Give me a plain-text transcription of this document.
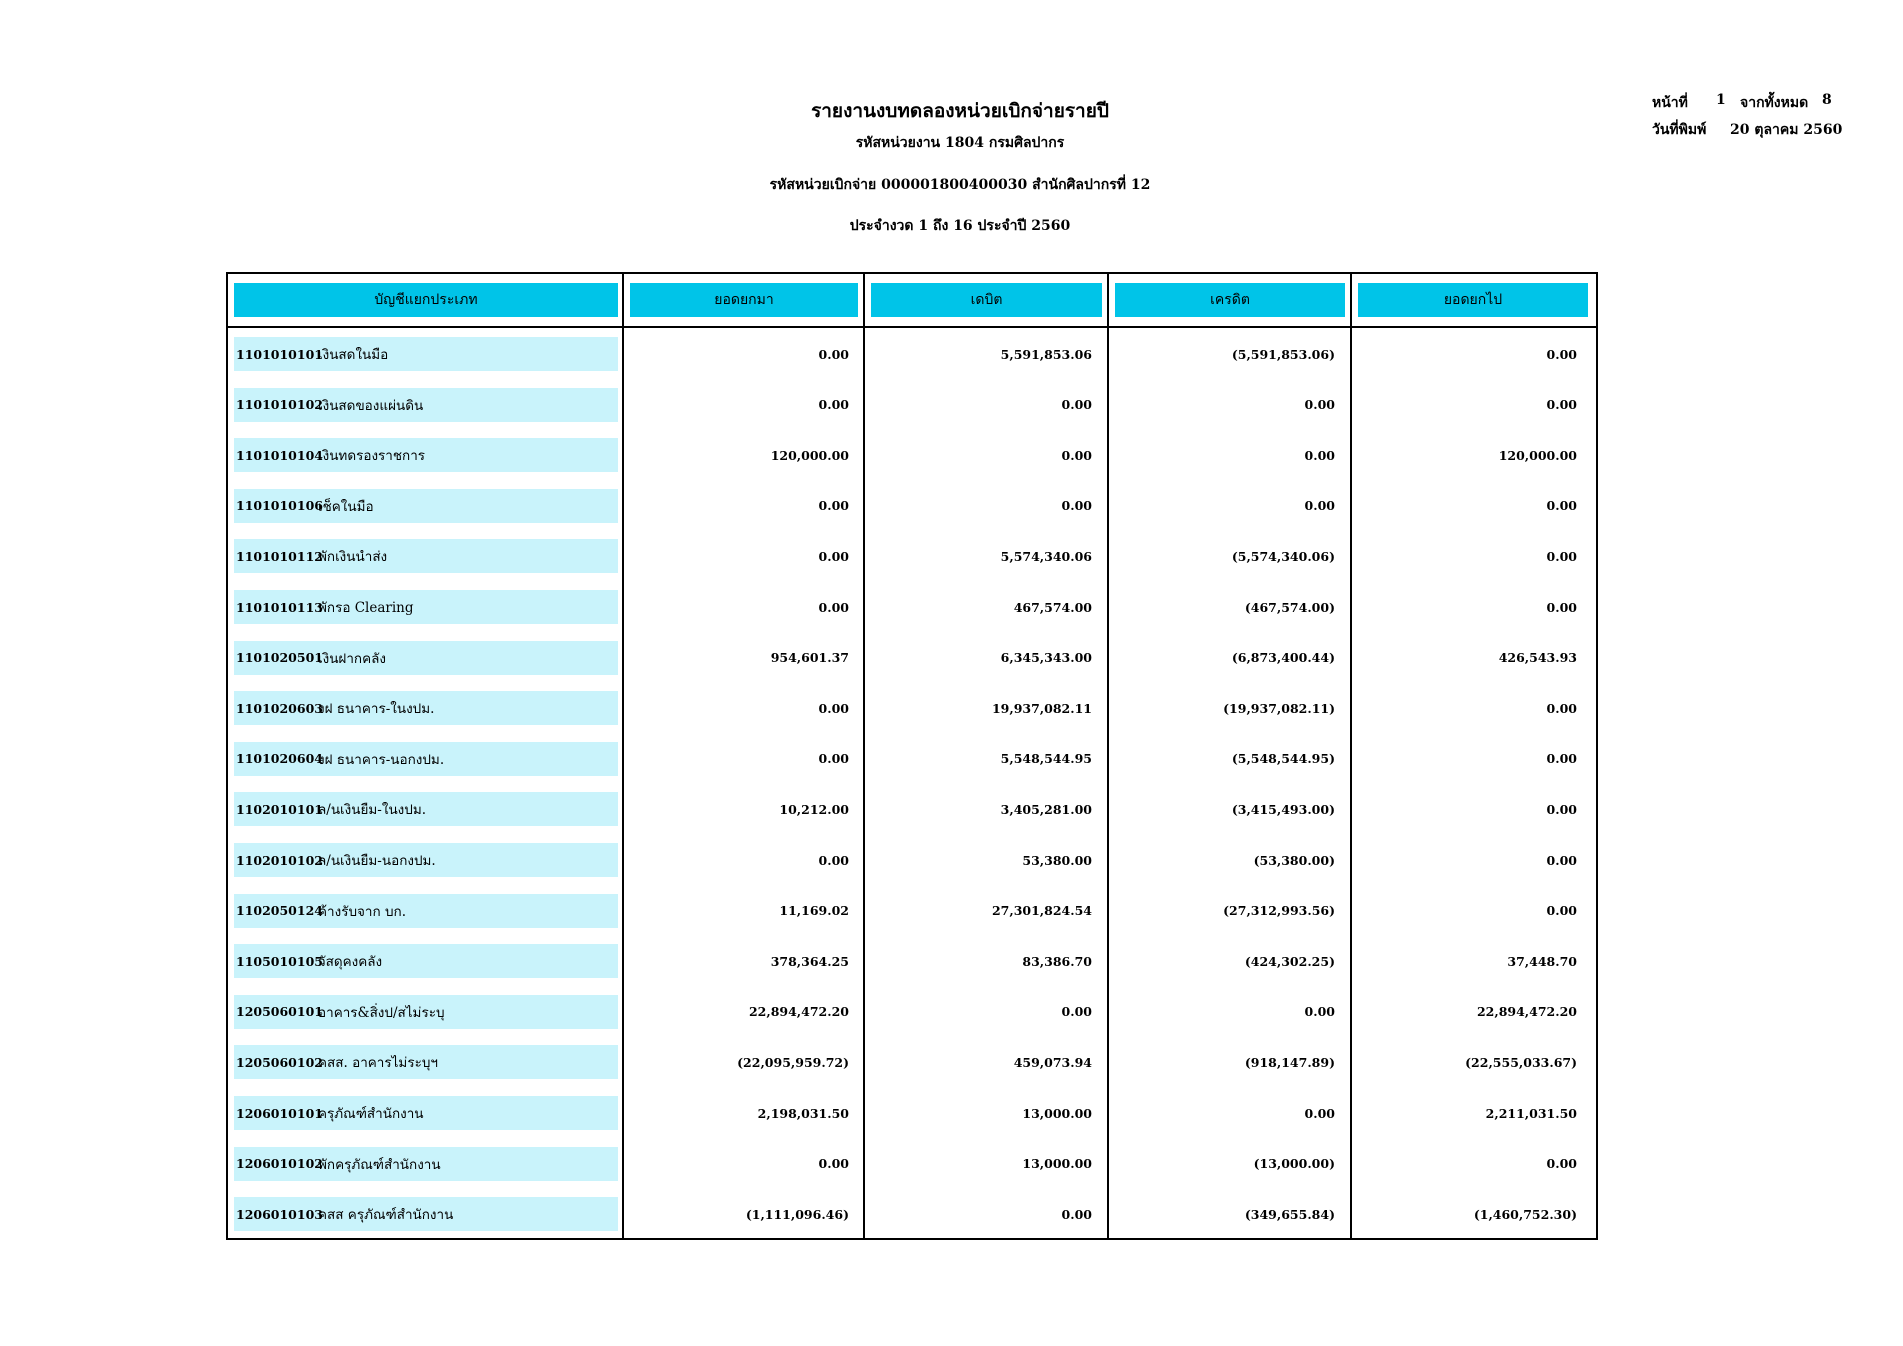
รายงานงบทดลองหน่วยเบิกจ่ายรายปี
รหัสหน่วยงาน 1804 กรมศิลปากร
รหัสหน่วยเบิกจ่าย 000001800400030 สำนักศิลปากรที่ 12
ประจำงวด 1 ถึง 16 ประจำปี 2560
หน้าที่ 1 จากทั้งหมด 8
วันที่พิมพ์ 20 ตุลาคม 2560
บัญชีแยกประเภท	ยอดยกมา	เดบิต	เครดิต	ยอดยกไป
1101010101
เงินสดในมือ	0.00	5,591,853.06	(5,591,853.06)	0.00
1101010102
เงินสดของแผ่นดิน	0.00	0.00	0.00	0.00
1101010104
เงินทดรองราชการ	120,000.00	0.00	0.00	120,000.00
1101010106
เช็คในมือ	0.00	0.00	0.00	0.00
1101010112
พักเงินนำส่ง	0.00	5,574,340.06	(5,574,340.06)	0.00
1101010113
พักรอ Clearing	0.00	467,574.00	(467,574.00)	0.00
1101020501
เงินฝากคลัง	954,601.37	6,345,343.00	(6,873,400.44)	426,543.93
1101020603
งฝ ธนาคาร-ในงปม.	0.00	19,937,082.11	(19,937,082.11)	0.00
1101020604
งฝ ธนาคาร-นอกงปม.	0.00	5,548,544.95	(5,548,544.95)	0.00
1102010101
ล/นเงินยืม-ในงปม.	10,212.00	3,405,281.00	(3,415,493.00)	0.00
1102010102
ล/นเงินยืม-นอกงปม.	0.00	53,380.00	(53,380.00)	0.00
1102050124
ค้างรับจาก บก.	11,169.02	27,301,824.54	(27,312,993.56)	0.00
1105010105
วัสดุคงคลัง	378,364.25	83,386.70	(424,302.25)	37,448.70
1205060101
อาคาร&สิ่งป/สไม่ระบุ	22,894,472.20	0.00	0.00	22,894,472.20
1205060102
คสส. อาคารไม่ระบุฯ	(22,095,959.72)	459,073.94	(918,147.89)	(22,555,033.67)
1206010101
ครุภัณฑ์สำนักงาน	2,198,031.50	13,000.00	0.00	2,211,031.50
1206010102
พักครุภัณฑ์สำนักงาน	0.00	13,000.00	(13,000.00)	0.00
1206010103
คสส ครุภัณฑ์สำนักงาน	(1,111,096.46)	0.00	(349,655.84)	(1,460,752.30)
